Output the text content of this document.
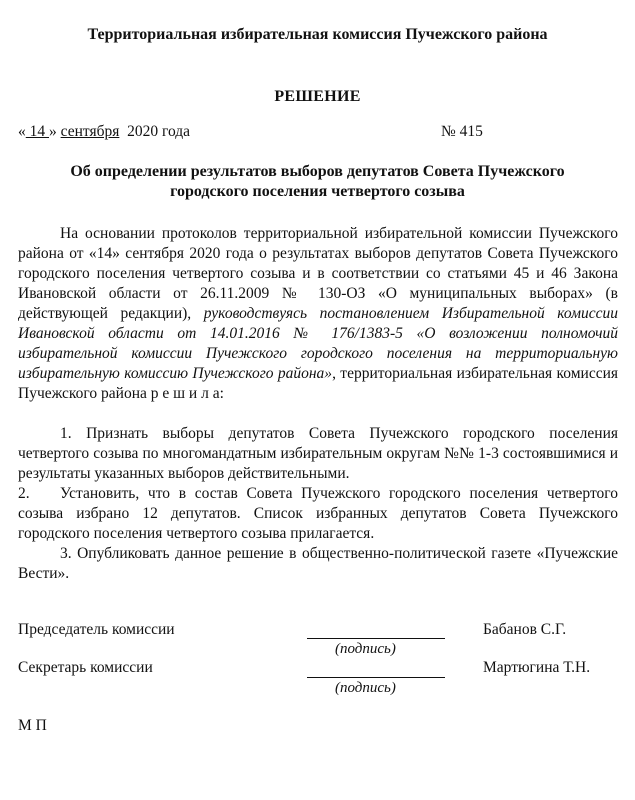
Территориальная избирательная комиссия Пучежского района
РЕШЕНИЕ
« 14 » сентября  2020 года	№ 415
Об определении результатов выборов депутатов Совета Пучежского
городского поселения четвертого созыва
На основании протоколов территориальной избирательной комиссии Пучежского района от «14» сентября 2020 года о результатах выборов депутатов Совета Пучежского городского поселения четвертого созыва и в соответствии со статьями 45 и 46 Закона Ивановской области от 26.11.2009 № 130-ОЗ «О муниципальных выборах» (в действующей редакции), руководствуясь постановлением Избирательной комиссии Ивановской области от 14.01.2016 № 176/1383-5 «О возложении полномочий избирательной комиссии Пучежского городского поселения на территориальную избирательную комиссию Пучежского района», территориальная избирательная комиссия Пучежского района р е ш и л а:
1. Признать выборы депутатов Совета Пучежского городского поселения четвертого созыва по многомандатным избирательным округам №№ 1-3 состоявшимися и результаты указанных выборов действительными.
2. Установить, что в состав Совета Пучежского городского поселения четвертого созыва избрано 12 депутатов. Список избранных депутатов Совета Пучежского городского поселения четвертого созыва прилагается.
3. Опубликовать данное решение в общественно-политической газете «Пучежские Вести».
Председатель комиссии
(подпись)
Бабанов С.Г.
Секретарь комиссии
(подпись)
Мартюгина Т.Н.
М П
